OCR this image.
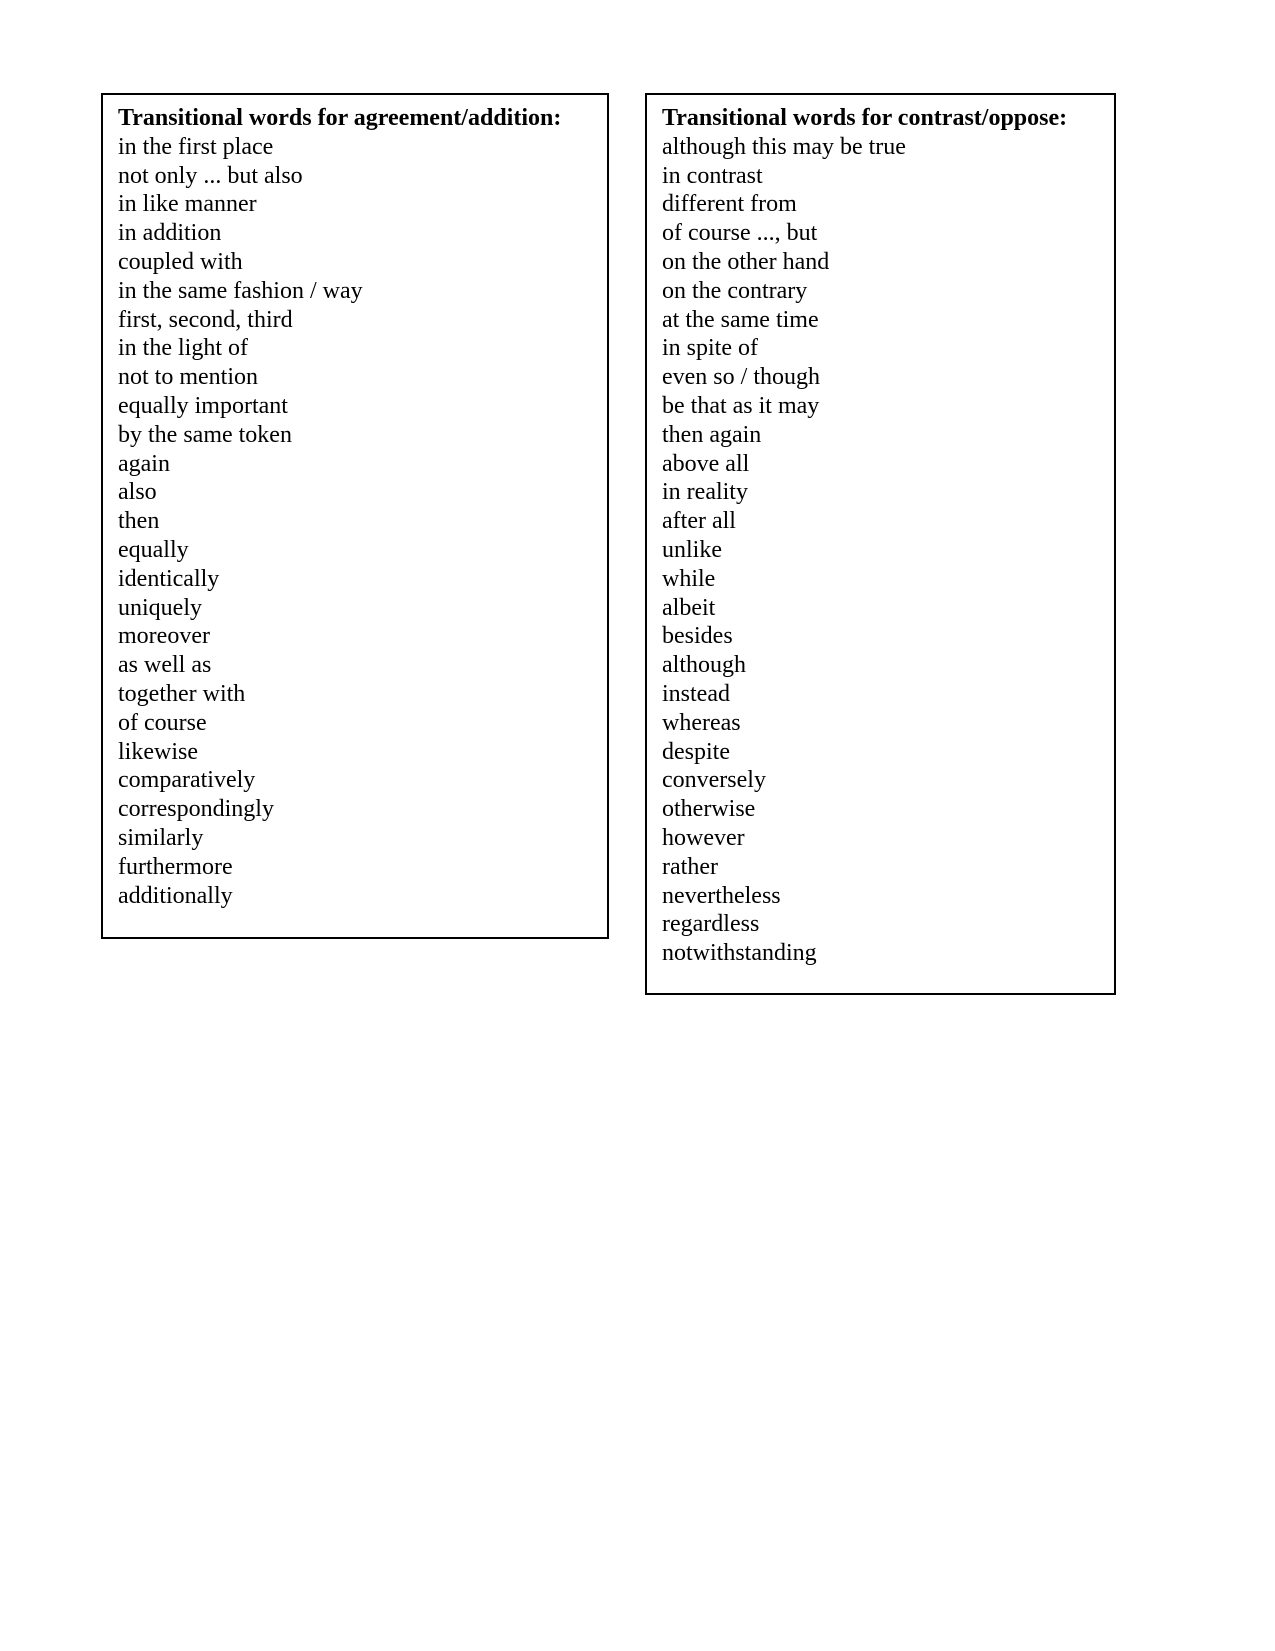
Transitional words for agreement/addition:
in the first place
not only ... but also
in like manner
in addition
coupled with
in the same fashion / way
first, second, third
in the light of
not to mention
equally important
by the same token
again
also
then
equally
identically
uniquely
moreover
as well as
together with
of course
likewise
comparatively
correspondingly
similarly
furthermore
additionally
Transitional words for contrast/oppose:
although this may be true
in contrast
different from
of course ..., but
on the other hand
on the contrary
at the same time
in spite of
even so / though
be that as it may
then again
above all
in reality
after all
unlike
while
albeit
besides
although
instead
whereas
despite
conversely
otherwise
however
rather
nevertheless
regardless
notwithstanding
